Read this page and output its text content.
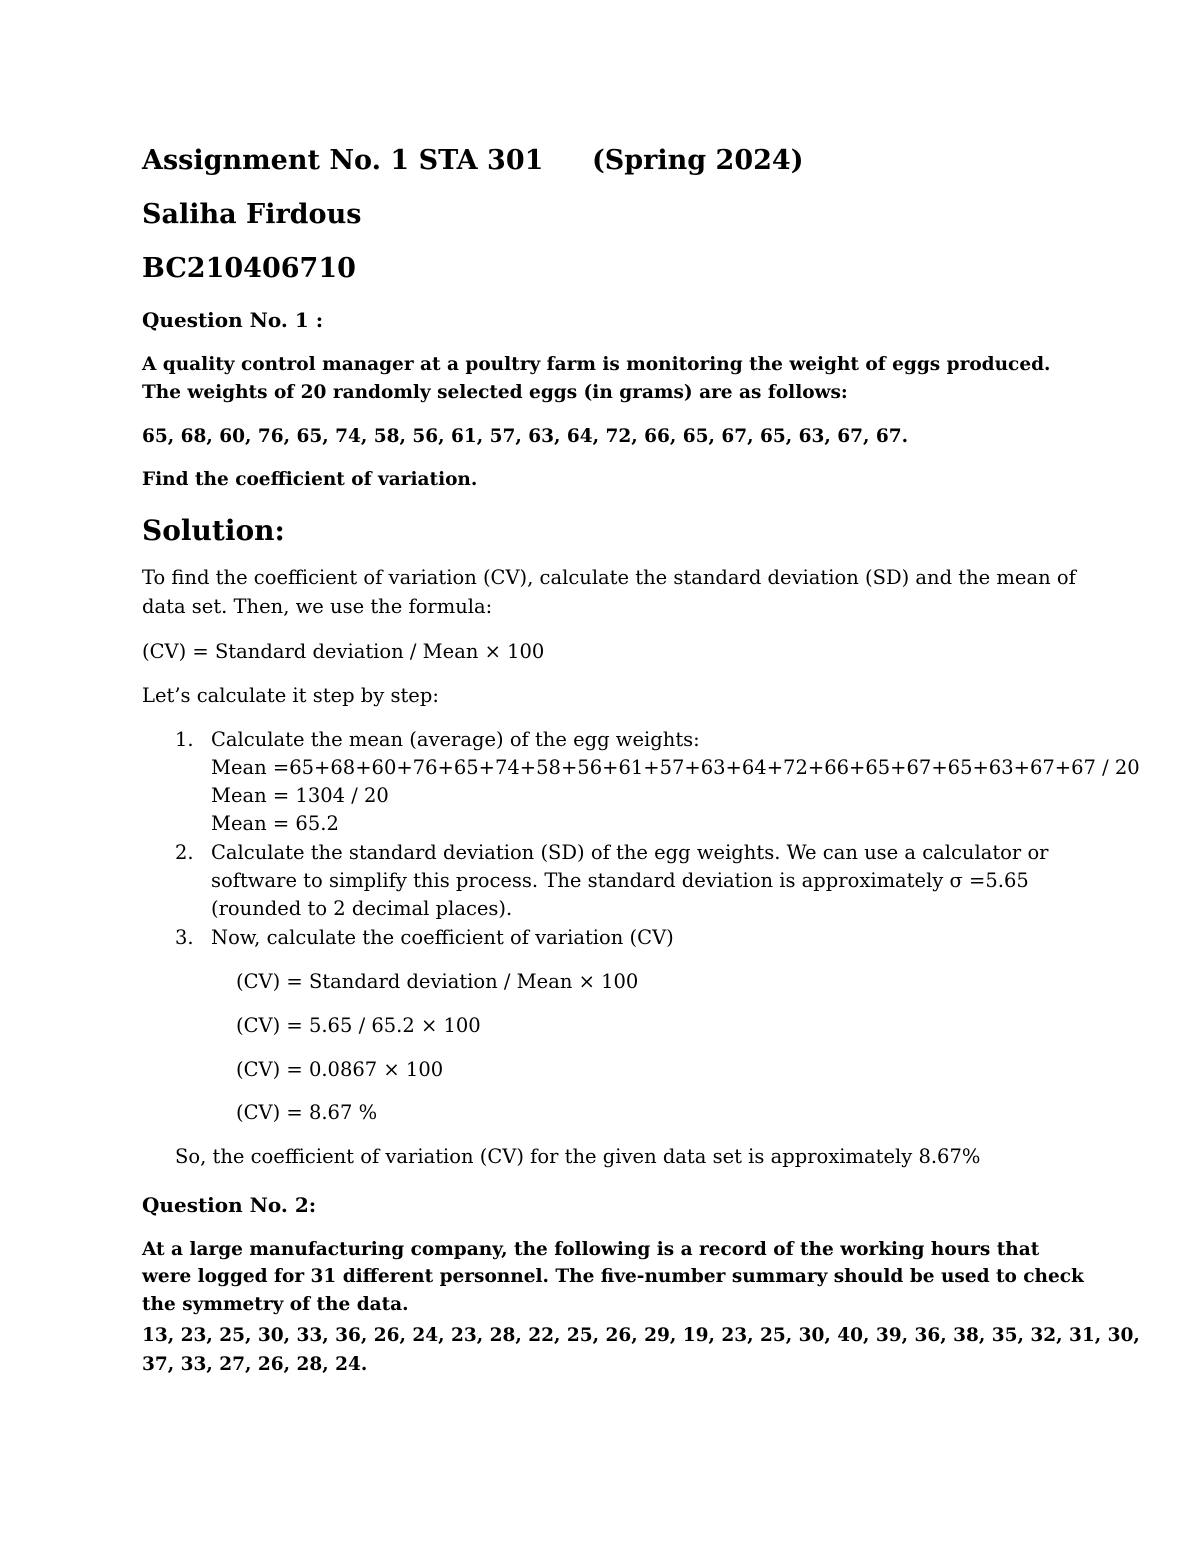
Assignment No. 1 STA 301 (Spring 2024)
Saliha Firdous
BC210406710
Question No. 1 :
A quality control manager at a poultry farm is monitoring the weight of eggs produced.
The weights of 20 randomly selected eggs (in grams) are as follows:
65, 68, 60, 76, 65, 74, 58, 56, 61, 57, 63, 64, 72, 66, 65, 67, 65, 63, 67, 67.
Find the coefficient of variation.
Solution:
To find the coefficient of variation (CV), calculate the standard deviation (SD) and the mean of
data set. Then, we use the formula:
(CV) = Standard deviation / Mean × 100
Let’s calculate it step by step:
1. Calculate the mean (average) of the egg weights:
Mean =65+68+60+76+65+74+58+56+61+57+63+64+72+66+65+67+65+63+67+67 / 20
Mean = 1304 / 20
Mean = 65.2
2. Calculate the standard deviation (SD) of the egg weights. We can use a calculator or
software to simplify this process. The standard deviation is approximately σ =5.65
(rounded to 2 decimal places).
3. Now, calculate the coefficient of variation (CV)
(CV) = Standard deviation / Mean × 100
(CV) = 5.65 / 65.2 × 100
(CV) = 0.0867 × 100
(CV) = 8.67 %
So, the coefficient of variation (CV) for the given data set is approximately 8.67%
Question No. 2:
At a large manufacturing company, the following is a record of the working hours that
were logged for 31 different personnel. The five-number summary should be used to check
the symmetry of the data.
13, 23, 25, 30, 33, 36, 26, 24, 23, 28, 22, 25, 26, 29, 19, 23, 25, 30, 40, 39, 36, 38, 35, 32, 31, 30,
37, 33, 27, 26, 28, 24.
